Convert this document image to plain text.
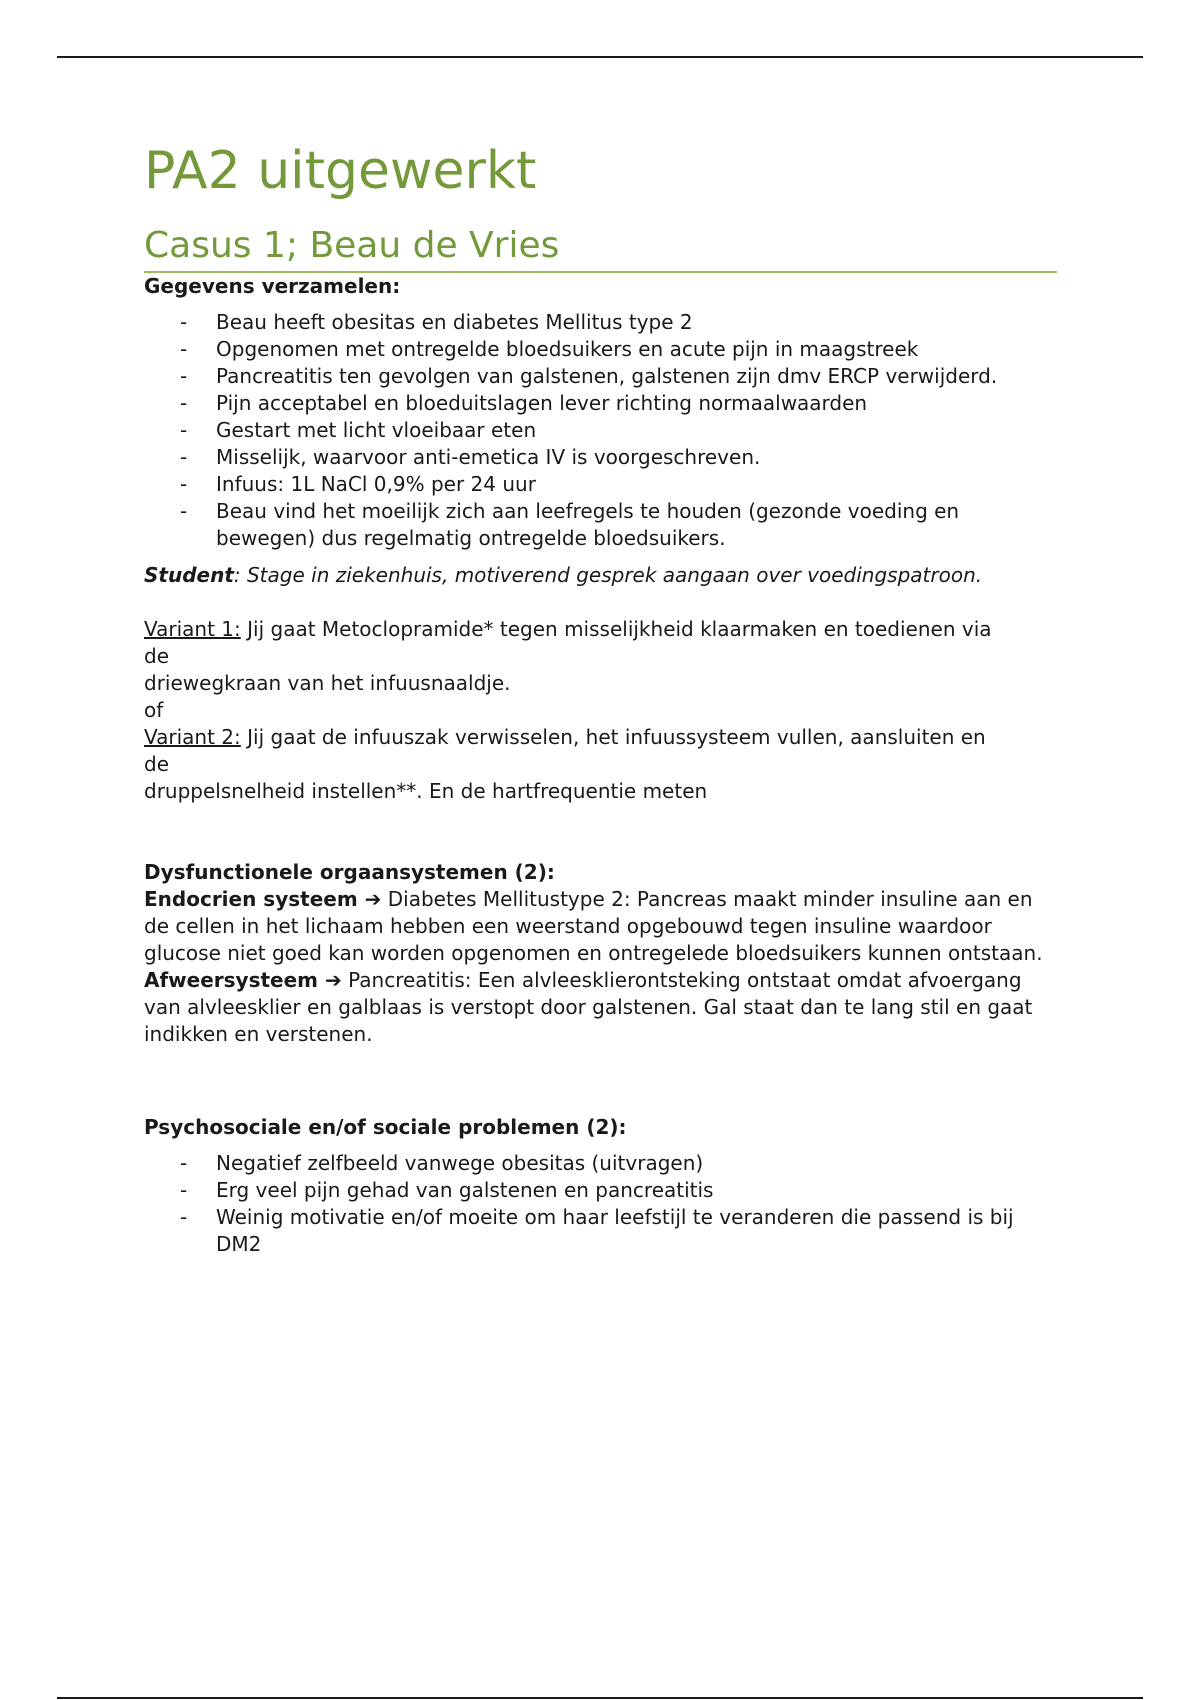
PA2 uitgewerkt
Casus 1; Beau de Vries
Gegevens verzamelen:
- Beau heeft obesitas en diabetes Mellitus type 2
- Opgenomen met ontregelde bloedsuikers en acute pijn in maagstreek
- Pancreatitis ten gevolgen van galstenen, galstenen zijn dmv ERCP verwijderd.
- Pijn acceptabel en bloeduitslagen lever richting normaalwaarden
- Gestart met licht vloeibaar eten
- Misselijk, waarvoor anti-emetica IV is voorgeschreven.
- Infuus: 1L NaCl 0,9% per 24 uur
- Beau vind het moeilijk zich aan leefregels te houden (gezonde voeding en bewegen) dus regelmatig ontregelde bloedsuikers.
Student: Stage in ziekenhuis, motiverend gesprek aangaan over voedingspatroon.
Variant 1: Jij gaat Metoclopramide* tegen misselijkheid klaarmaken en toedienen via
de
driewegkraan van het infuusnaaldje.
of
Variant 2: Jij gaat de infuuszak verwisselen, het infuussysteem vullen, aansluiten en
de
druppelsnelheid instellen**. En de hartfrequentie meten
Dysfunctionele orgaansystemen (2):
Endocrien systeem ➔ Diabetes Mellitustype 2: Pancreas maakt minder insuline aan en de cellen in het lichaam hebben een weerstand opgebouwd tegen insuline waardoor glucose niet goed kan worden opgenomen en ontregelede bloedsuikers kunnen ontstaan.
Afweersysteem ➔ Pancreatitis: Een alvleesklierontsteking ontstaat omdat afvoergang van alvleesklier en galblaas is verstopt door galstenen. Gal staat dan te lang stil en gaat indikken en verstenen.
Psychosociale en/of sociale problemen (2):
- Negatief zelfbeeld vanwege obesitas (uitvragen)
- Erg veel pijn gehad van galstenen en pancreatitis
- Weinig motivatie en/of moeite om haar leefstijl te veranderen die passend is bij DM2
